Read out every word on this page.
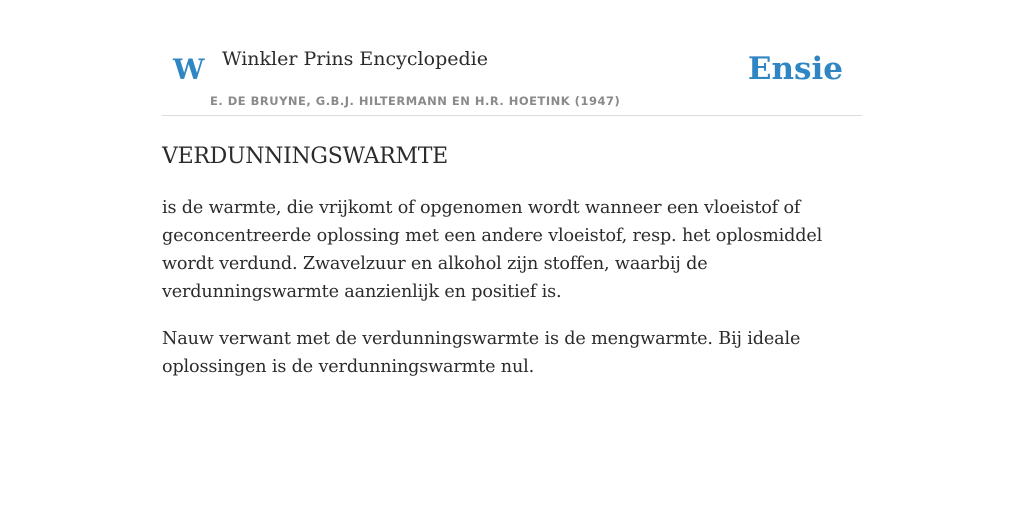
W Winkler Prins Encyclopedie
E. DE BRUYNE, G.B.J. HILTERMANN EN H.R. HOETINK (1947)
Ensie
VERDUNNINGSWARMTE

is de warmte, die vrijkomt of opgenomen wordt wanneer een vloeistof of geconcentreerde oplossing met een andere vloeistof, resp. het oplosmiddel wordt verdund. Zwavelzuur en alkohol zijn stoffen, waarbij de verdunningswarmte aanzienlijk en positief is.

Nauw verwant met de verdunningswarmte is de mengwarmte. Bij ideale oplossingen is de verdunningswarmte nul.
